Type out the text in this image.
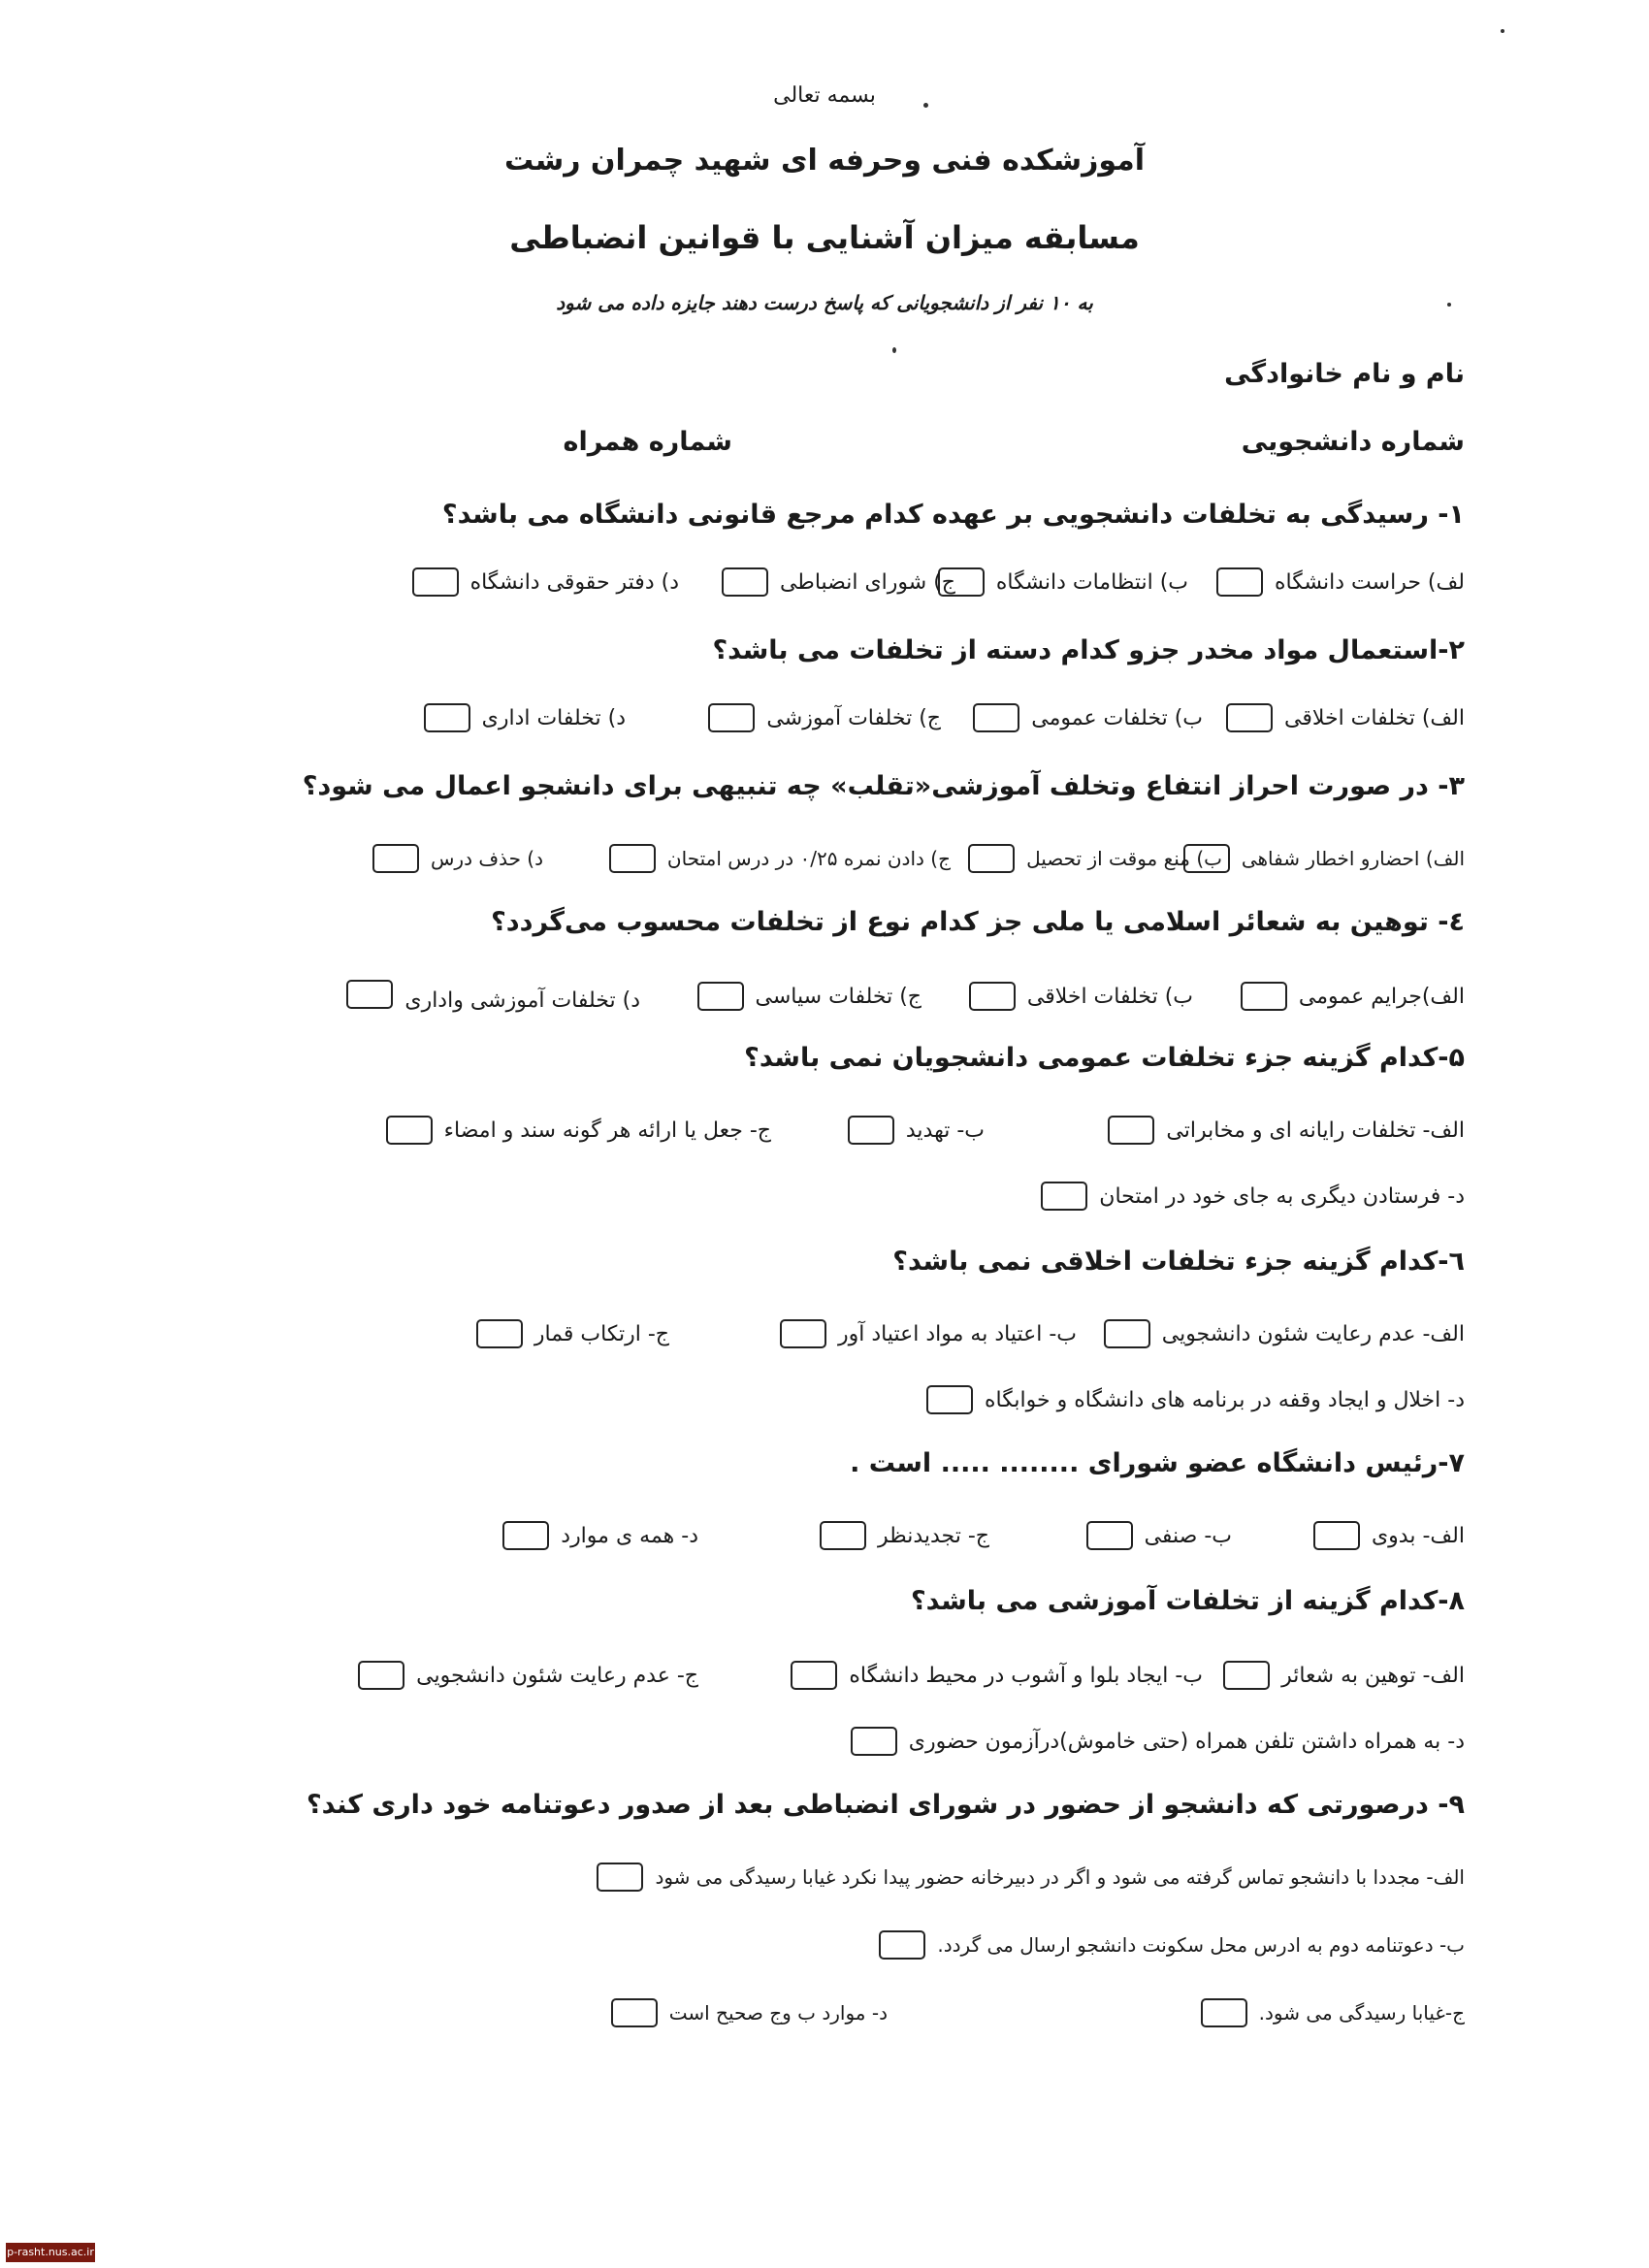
بسمه تعالی
آموزشکده فنی وحرفه ای شهید چمران رشت
مسابقه میزان آشنایی با قوانین انضباطی
به ۱۰ نفر از دانشجویانی که پاسخ درست دهند جایزه داده می شود
نام و نام خانوادگی
شماره دانشجویی
شماره همراه
۱- رسیدگی به تخلفات دانشجویی بر عهده کدام مرجع قانونی دانشگاه می باشد؟
لف) حراست دانشگاه
ب) انتظامات دانشگاه
ج) شورای انضباطی
د) دفتر حقوقی دانشگاه
۲-استعمال مواد مخدر جزو کدام دسته از تخلفات می باشد؟
الف) تخلفات اخلاقی
ب) تخلفات عمومی
ج) تخلفات آموزشی
د) تخلفات اداری
۳- در صورت احراز انتفاع وتخلف آموزشی«تقلب» چه تنبیهی برای دانشجو اعمال می شود؟
الف) احضارو اخطار شفاهی
ب) منع موقت از تحصیل
ج) دادن نمره ۰/۲۵ در درس امتحان
د) حذف درس
٤- توهین به شعائر اسلامی یا ملی جز کدام نوع از تخلفات محسوب می‌گردد؟
الف)جرایم عمومی
ب) تخلفات اخلاقی
ج) تخلفات سیاسی
د) تخلفات آموزشی واداری
۵-کدام گزینه جزء تخلفات عمومی دانشجویان نمی باشد؟
الف- تخلفات رایانه ای و مخابراتی
ب- تهدید
ج- جعل یا ارائه هر گونه سند و امضاء
د- فرستادن دیگری به جای خود در امتحان
٦-کدام گزینه جزء تخلفات اخلاقی نمی باشد؟
الف- عدم رعایت شئون دانشجویی
ب- اعتیاد به مواد اعتیاد آور
ج- ارتکاب قمار
د- اخلال و ایجاد وقفه در برنامه های دانشگاه و خوابگاه
۷-رئیس دانشگاه عضو شورای ........ ..... است .
الف- بدوی
ب- صنفی
ج- تجدیدنظر
د- همه ی موارد
۸-کدام گزینه از تخلفات آموزشی می باشد؟
الف- توهین به شعائر
ب- ایجاد بلوا و آشوب در محیط دانشگاه
ج- عدم رعایت شئون دانشجویی
د- به همراه داشتن تلفن همراه (حتی خاموش)درآزمون حضوری
۹- درصورتی که دانشجو از حضور در شورای انضباطی بعد از صدور دعوتنامه خود داری کند؟
الف- مجددا با دانشجو تماس گرفته می شود و اگر در دبیرخانه حضور پیدا نکرد غیابا رسیدگی می شود
ب- دعوتنامه دوم به ادرس محل سکونت دانشجو ارسال می گردد.
ج-غیابا رسیدگی می شود.
د- موارد ب وج صحیح است
p-rasht.nus.ac.ir
